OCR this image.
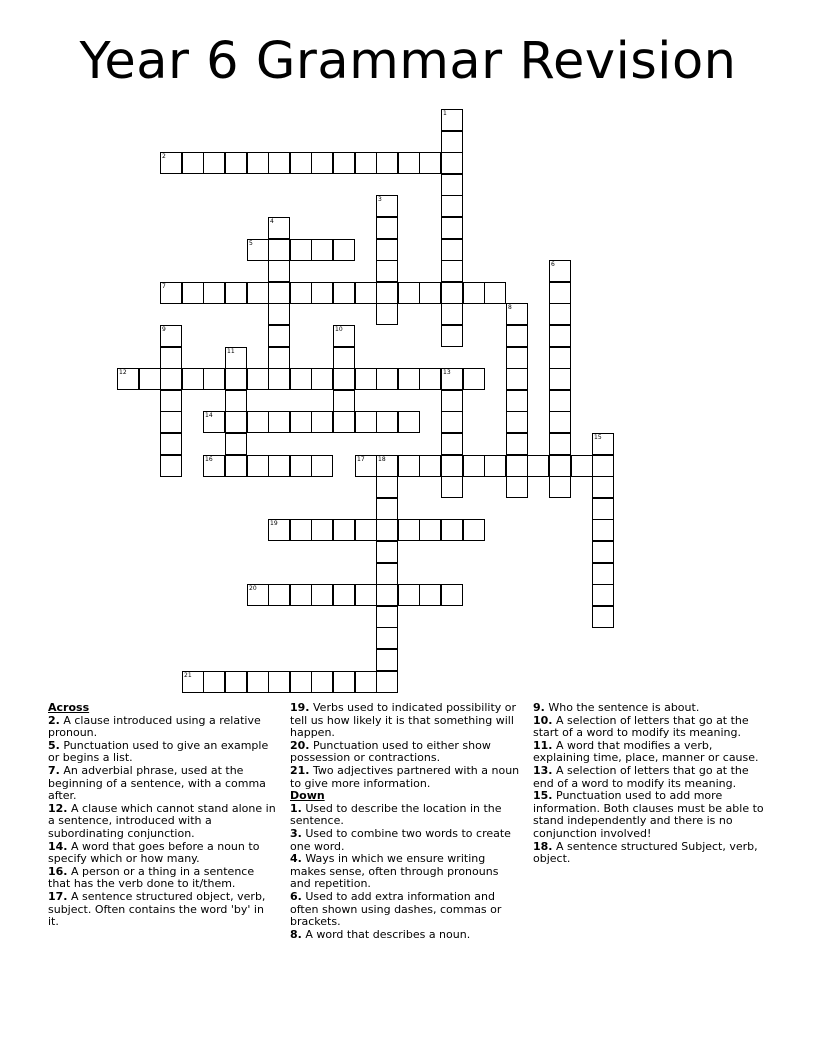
Year 6 Grammar Revision
1
2
3
4
5
6
7
8
9	10
11
12	13
14
15
16	17 18
19
20
21

Across

2. A clause introduced using a relative pronoun.

5. Punctuation used to give an example or begins a list.

7. An adverbial phrase, used at the beginning of a sentence, with a comma after.

12. A clause which cannot stand alone in a sentence, introduced with a subordinating conjunction.

14. A word that goes before a noun to specify which or how many.

16. A person or a thing in a sentence that has the verb done to it/them.

17. A sentence structured object, verb, subject. Often contains the word 'by' in it.

19. Verbs used to indicated possibility or tell us how likely it is that something will happen.

20. Punctuation used to either show possession or contractions.

21. Two adjectives partnered with a noun to give more information.

Down

1. Used to describe the location in the sentence.

3. Used to combine two words to create one word.

4. Ways in which we ensure writing makes sense, often through pronouns and repetition.

6. Used to add extra information and often shown using dashes, commas or brackets.

8. A word that describes a noun.

9. Who the sentence is about.

10. A selection of letters that go at the start of a word to modify its meaning.

11. A word that modifies a verb, explaining time, place, manner or cause.

13. A selection of letters that go at the end of a word to modify its meaning.

15. Punctuation used to add more information. Both clauses must be able to stand independently and there is no conjunction involved!

18. A sentence structured Subject, verb, object.
